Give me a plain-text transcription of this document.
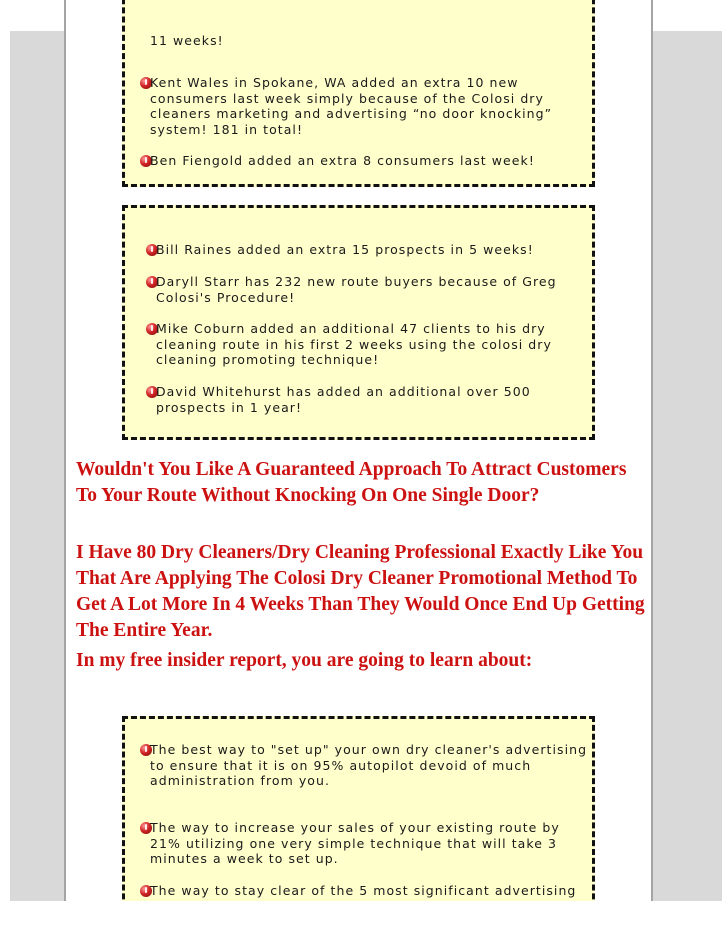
11 weeks!
Kent Wales in Spokane, WA added an extra 10 new consumers last week simply because of the Colosi dry cleaners marketing and advertising “no door knocking” system! 181 in total!
Ben Fiengold added an extra 8 consumers last week!
Bill Raines added an extra 15 prospects in 5 weeks!
Daryll Starr has 232 new route buyers because of Greg Colosi's Procedure!
Mike Coburn added an additional 47 clients to his dry cleaning route in his first 2 weeks using the colosi dry cleaning promoting technique!
David Whitehurst has added an additional over 500 prospects in 1 year!
Wouldn't You Like A Guaranteed Approach To Attract Customers To Your Route Without Knocking On One Single Door?
I Have 80 Dry Cleaners/Dry Cleaning Professional Exactly Like You That Are Applying The Colosi Dry Cleaner Promotional Method To Get A Lot More In 4 Weeks Than They Would Once End Up Getting The Entire Year.
In my free insider report, you are going to learn about:
The best way to "set up" your own dry cleaner's advertising to ensure that it is on 95% autopilot devoid of much administration from you.
The way to increase your sales of your existing route by 21% utilizing one very simple technique that will take 3 minutes a week to set up.
The way to stay clear of the 5 most significant advertising
